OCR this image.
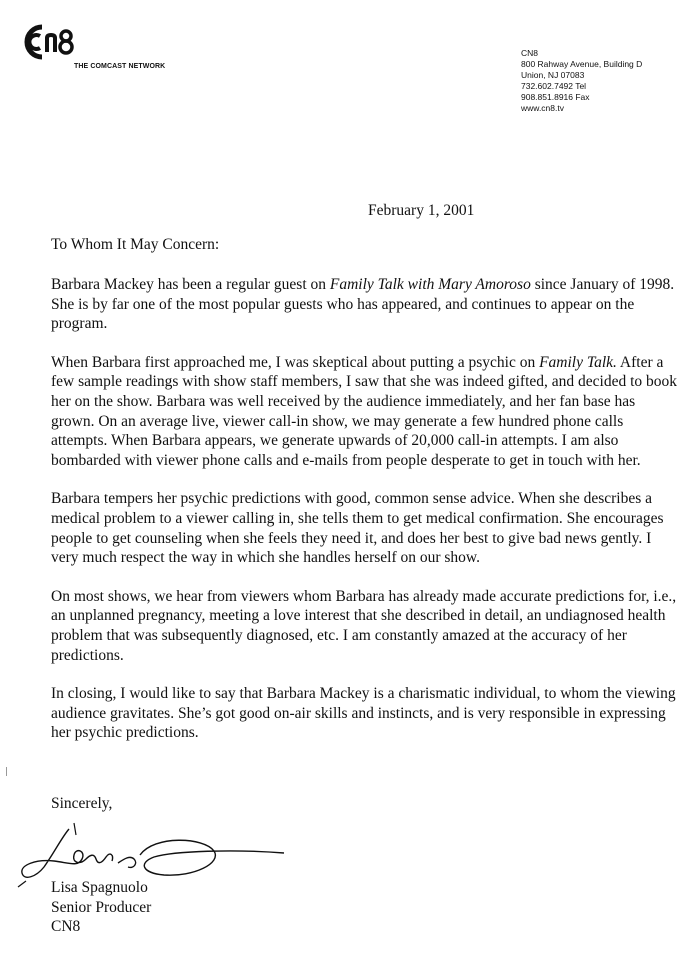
THE COMCAST NETWORK
CN8
800 Rahway Avenue, Building D
Union, NJ 07083
732.602.7492 Tel
908.851.8916 Fax
www.cn8.tv
February 1, 2001
To Whom It May Concern:

Barbara Mackey has been a regular guest on Family Talk with Mary Amoroso since January of 1998. She is by far one of the most popular guests who has appeared, and continues to appear on the program.

When Barbara first approached me, I was skeptical about putting a psychic on Family Talk. After a few sample readings with show staff members, I saw that she was indeed gifted, and decided to book her on the show. Barbara was well received by the audience immediately, and her fan base has grown. On an average live, viewer call-in show, we may generate a few hundred phone calls attempts. When Barbara appears, we generate upwards of 20,000 call-in attempts. I am also bombarded with viewer phone calls and e-mails from people desperate to get in touch with her.

Barbara tempers her psychic predictions with good, common sense advice. When she describes a medical problem to a viewer calling in, she tells them to get medical confirmation. She encourages people to get counseling when she feels they need it, and does her best to give bad news gently. I very much respect the way in which she handles herself on our show.

On most shows, we hear from viewers whom Barbara has already made accurate predictions for, i.e., an unplanned pregnancy, meeting a love interest that she described in detail, an undiagnosed health problem that was subsequently diagnosed, etc. I am constantly amazed at the accuracy of her predictions.

In closing, I would like to say that Barbara Mackey is a charismatic individual, to whom the viewing audience gravitates. She’s got good on-air skills and instincts, and is very responsible in expressing her psychic predictions.

Sincerely,
Lisa Spagnuolo
Senior Producer
CN8
